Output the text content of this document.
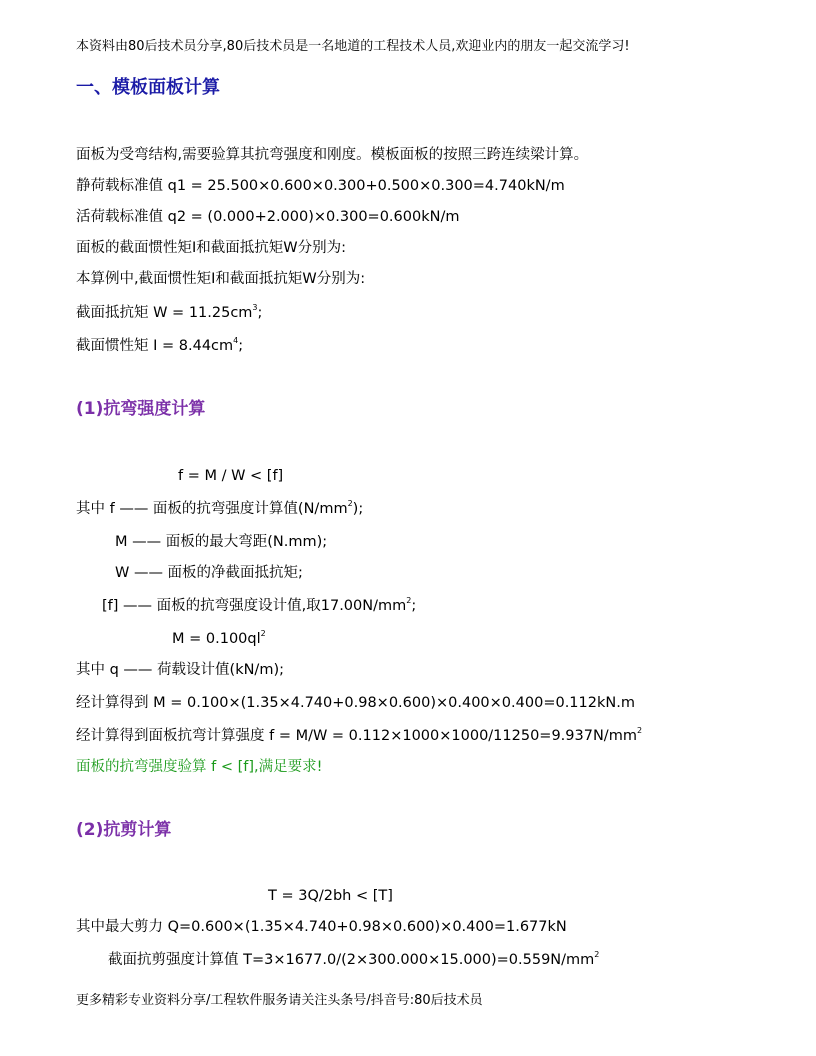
本资料由80后技术员分享,80后技术员是一名地道的工程技术人员,欢迎业内的朋友一起交流学习!
一、模板面板计算
面板为受弯结构,需要验算其抗弯强度和刚度。模板面板的按照三跨连续梁计算。
静荷载标准值 q1 = 25.500×0.600×0.300+0.500×0.300=4.740kN/m
活荷载标准值 q2 = (0.000+2.000)×0.300=0.600kN/m
面板的截面惯性矩I和截面抵抗矩W分别为:
本算例中,截面惯性矩I和截面抵抗矩W分别为:
截面抵抗矩 $W = 11.25cm^3$;
截面惯性矩 $I = 8.44cm^4$;
(1)抗弯强度计算
f = M / W < [f]
其中 f —— 面板的抗弯强度计算值$(N/mm^2)$;
M —— 面板的最大弯距(N.mm);
W —— 面板的净截面抵抗矩;
[f] —— 面板的抗弯强度设计值,取$17.00N/mm^2$;
$M = 0.100ql^2$
其中 q —— 荷载设计值(kN/m);
经计算得到 M = 0.100×(1.35×4.740+0.98×0.600)×0.400×0.400=0.112kN.m
经计算得到面板抗弯计算强度 $f = M/W = 0.112\times 1000\times 1000/11250=9.937N/mm^2$
面板的抗弯强度验算 f < [f],满足要求!
(2)抗剪计算
T = 3Q/2bh < [T]
其中最大剪力 Q=0.600×(1.35×4.740+0.98×0.600)×0.400=1.677kN
截面抗剪强度计算值 $T=3\times 1677.0/(2\times 300.000\times 15.000)=0.559N/mm^2$
更多精彩专业资料分享/工程软件服务请关注头条号/抖音号:80后技术员
